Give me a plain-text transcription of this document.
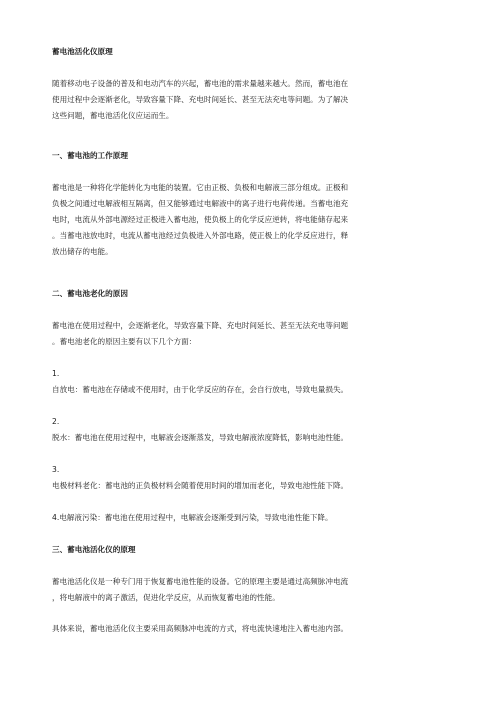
蓄电池活化仪原理
随着移动电子设备的普及和电动汽车的兴起，蓄电池的需求量越来越大。然而，蓄电池在
使用过程中会逐渐老化，导致容量下降、充电时间延长、甚至无法充电等问题。为了解决
这些问题，蓄电池活化仪应运而生。
一、蓄电池的工作原理
蓄电池是一种将化学能转化为电能的装置。它由正极、负极和电解液三部分组成。正极和
负极之间通过电解液相互隔离，但又能够通过电解液中的离子进行电荷传递。当蓄电池充
电时，电流从外部电源经过正极进入蓄电池，使负极上的化学反应逆转，将电能储存起来
。当蓄电池放电时，电流从蓄电池经过负极进入外部电路，使正极上的化学反应进行，释
放出储存的电能。
二、蓄电池老化的原因
蓄电池在使用过程中，会逐渐老化，导致容量下降、充电时间延长、甚至无法充电等问题
。蓄电池老化的原因主要有以下几个方面：
1.
自放电：蓄电池在存储或不使用时，由于化学反应的存在，会自行放电，导致电量损失。
2.
脱水：蓄电池在使用过程中，电解液会逐渐蒸发，导致电解液浓度降低，影响电池性能。
3.
电极材料老化：蓄电池的正负极材料会随着使用时间的增加而老化，导致电池性能下降。
4.电解液污染：蓄电池在使用过程中，电解液会逐渐受到污染，导致电池性能下降。
三、蓄电池活化仪的原理
蓄电池活化仪是一种专门用于恢复蓄电池性能的设备。它的原理主要是通过高频脉冲电流
，将电解液中的离子激活，促进化学反应，从而恢复蓄电池的性能。
具体来说，蓄电池活化仪主要采用高频脉冲电流的方式，将电流快速地注入蓄电池内部。
